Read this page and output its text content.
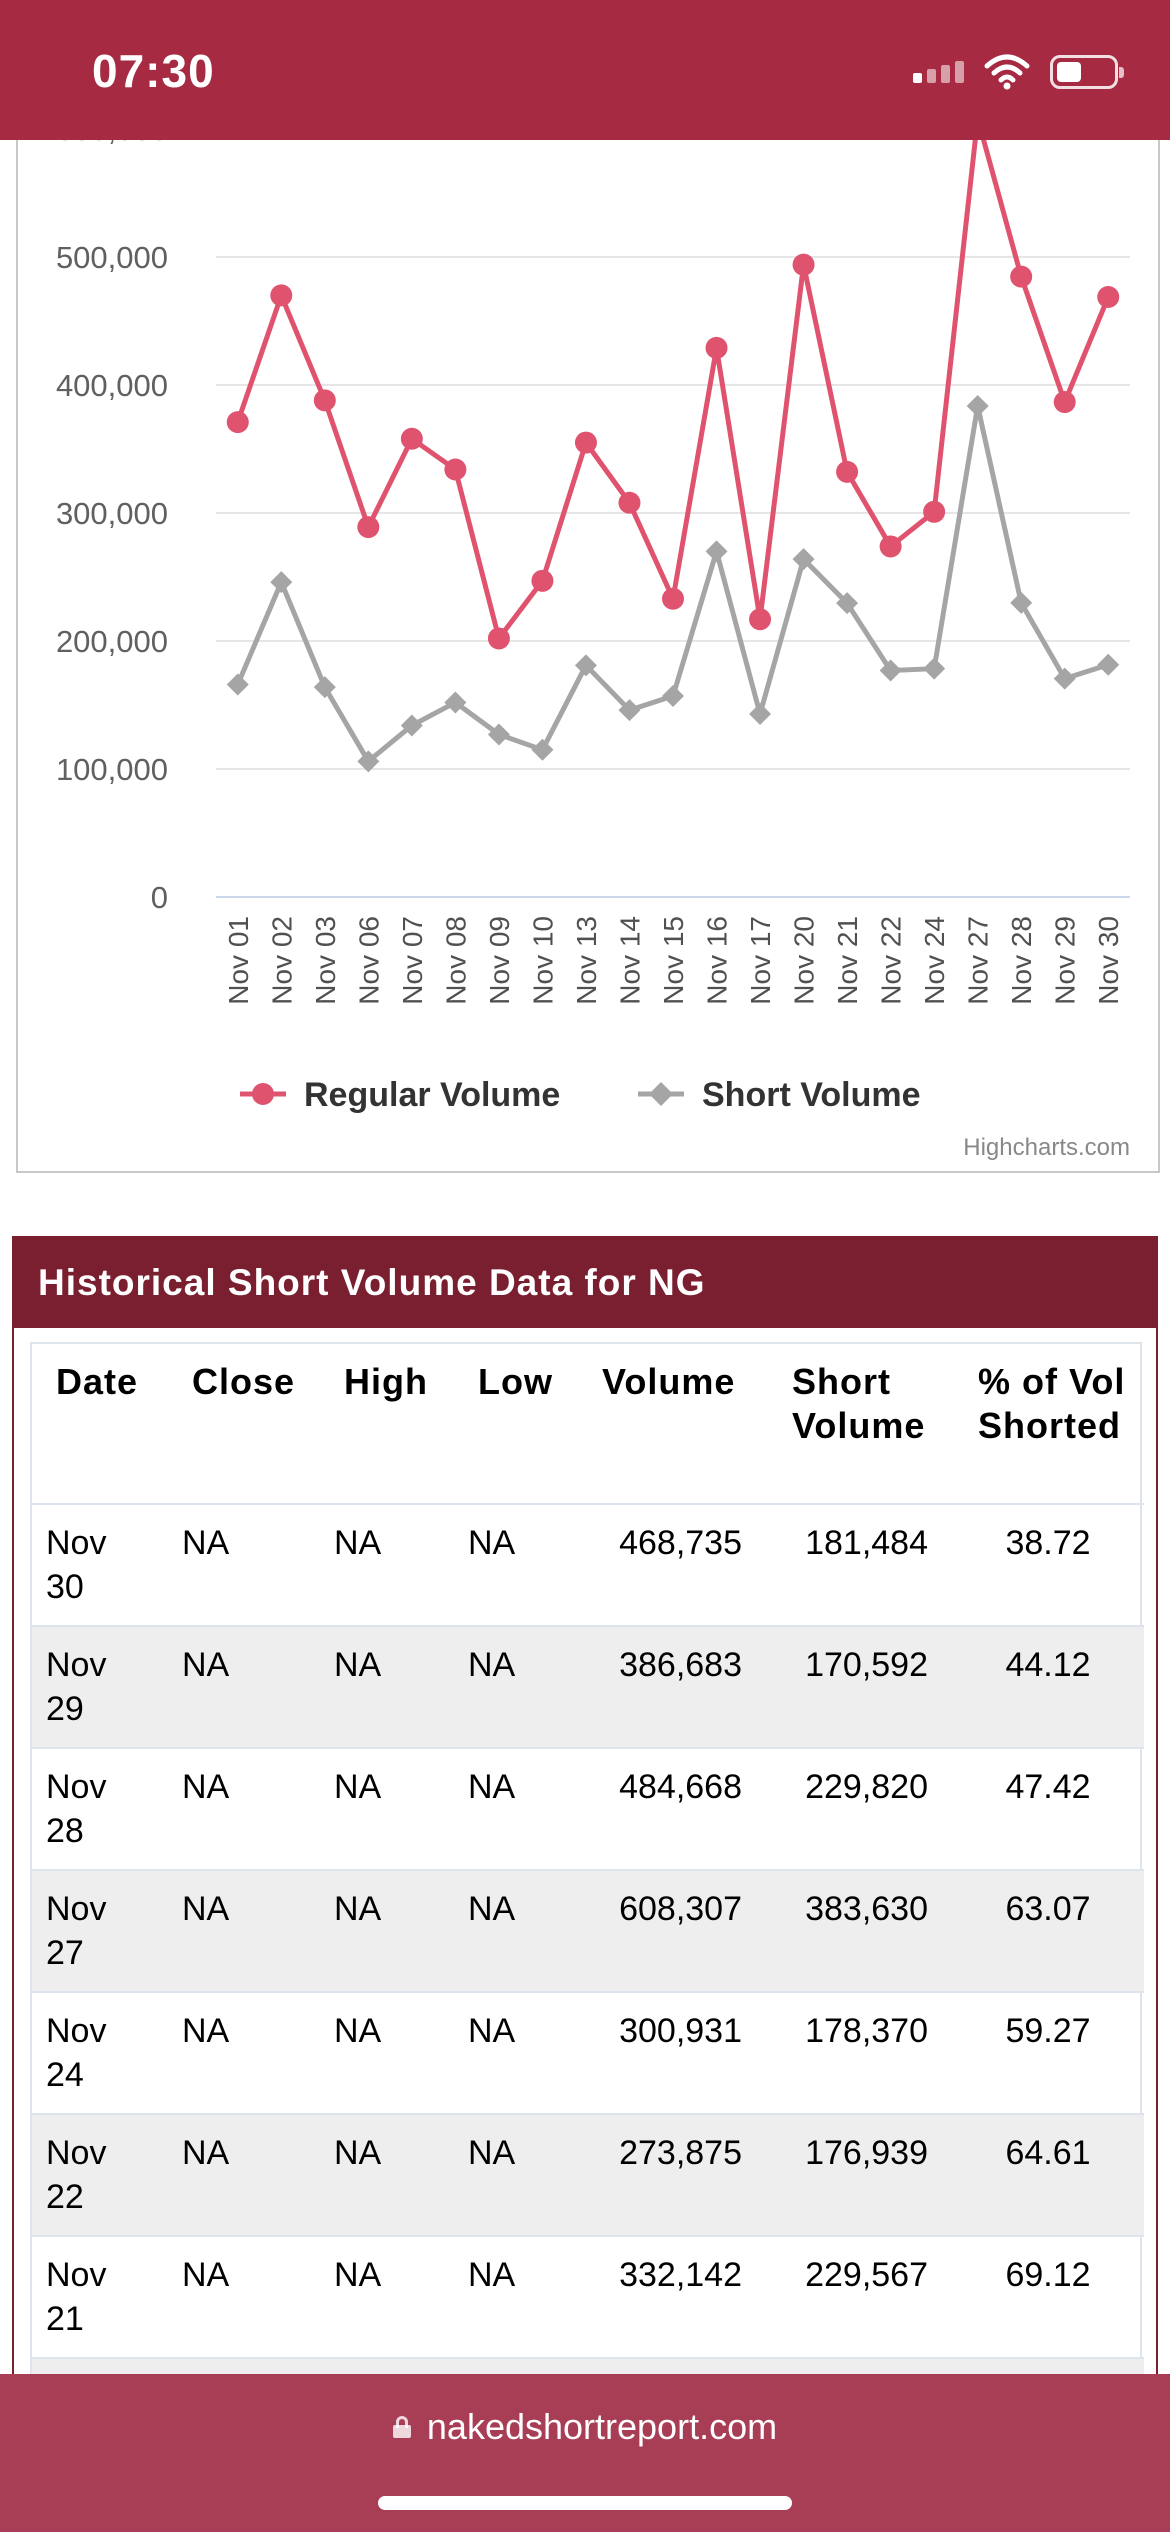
07:30
0
100,000
200,000
300,000
400,000
500,000
Nov 01 Nov 02 Nov 03 Nov 06 Nov 07 Nov 08 Nov 09 Nov 10 Nov 13 Nov 14 Nov 15 Nov 16 Nov 17 Nov 20 Nov 21 Nov 22 Nov 24 Nov 27 Nov 28 Nov 29 Nov 30
Regular Volume	Short Volume
Highcharts.com
Historical Short Volume Data for NG
Date	Close	High	Low	Volume	Short Volume	% of Vol Shorted
Nov 30	NA	NA	NA	468,735	181,484	38.72
Nov 29	NA	NA	NA	386,683	170,592	44.12
Nov 28	NA	NA	NA	484,668	229,820	47.42
Nov 27	NA	NA	NA	608,307	383,630	63.07
Nov 24	NA	NA	NA	300,931	178,370	59.27
Nov 22	NA	NA	NA	273,875	176,939	64.61
Nov 21	NA	NA	NA	332,142	229,567	69.12

nakedshortreport.com
